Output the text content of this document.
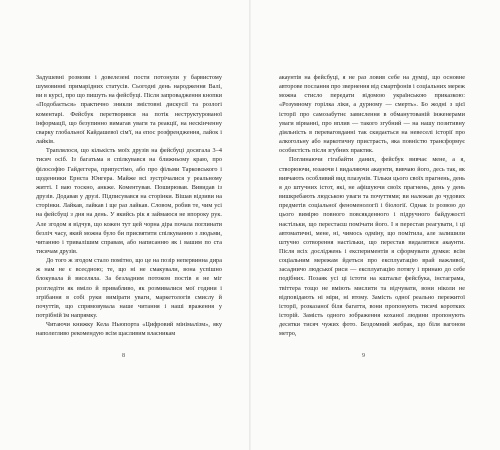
Задушевні розмови і довелезені пости потонули у барвистому шумовинні примарідних статусів. Сьогодні день народження Валі, ви в курсі, про що пишуть на фейсбуці. Після запровадження кнопки «Подобається» практично зникли змістовні дискусії та розлогі коментарі. Фейсбук перетворився на потік неструктурованої інформації, що безупинно вимагав уваги та реакції, на нескінченну сварку глобальної Кайдашевої сім'ї, на епос розфрендження, лайок і лайків.

Траплялося, що кількість моїх друзів на фейсбуці досягала 3–4 тисяч осіб. Із багатьма я спілкувався на ближньому краю, про філософію Гайдеггера, припустімо, або про фільми Тарковського і щоденники Ернста Юнгера. Майже всі зустрічалися у реальному житті. І ваю тоскно, анкже. Коментував. Поширював. Вивидав із друзів. Додавав у друзі. Підписувався на сторінки. Вішав відзиви на сторінки. Лайкав, лайкав і ще раз лайкав. Словом, робив те, чим усі на фейсбуці з дня на день. У якийсь рік я займаюся не впороку рук. Але згодом я відчув, що кожен тут цей чорна діра почала поглинати безліч часу, який можна було би присвятити спілкуванню з людьми, читанню і тривалішим справам, або написанню як і вашим по ста тисячам друзів.

До того ж згодом стало помітно, що це на позір непервинна дира ж нам не є всеєдною; те, що ні не смакували, вона успішно блокувала й виселяла. За безладним потоком постів я не міг розгледіти як вміло й привабливо, як розмивалися мої години і згрібання в собі руки вимірати уваги, маркетологів смислу й почуттів, що спрямовувала наше читання і наші враження у потрібній їм напрямку.

Читаючи книжку Кела Ньюпорта «Цифровий мінімалізм», яку наполегливо рекомендую всім щасливим власникам

8

акаунтів на фейсбуці, я не раз ловив себе на думці, що основне авторове послання про звернення від смартфонів і соціальних мереж можна стисло передати відомою українською приказкою: «Розумному горілка ліки, а дурному — смерть». Бо жодні з цієї історії про самозабутнє завислення в обманутованій інженерами уваги вірванні, про вплив — такого згубний — на нашу позитивну діяльність в переваговданні так скидається на невеселі історії про алкогольну або наркотичну пристрасть, яка повністю трансформує особистість після згубних практик.

Поглинаючи гігабайти даних, фейсбук вивчає мене, а я, створюючи, юзаючи і видаляючи акаунти, вивчаю його, десь так, як вивчають особливий вид плазунів. Тільки цього своїх прагнень, день я до штучних істот, які, не афішуючи своїх прагнень, день у день вишкребають людською уваги та почуттями; ви належав до чудових предметів соціальної феноменології і біології. Однак із розвою до цього вимірю повного повсякденного і підручного байдужості настільки, що перестаєш помічати його. І я перестав реагувати, і ці автоматичні, мене, ні, чимось одміну, що помітила, але залишили штучно сотворення настільки, що перестав видалятися акаунти. Після всіх досліджень і експериментів я сформувати думки: всім соціальним мережам йдеться про експлуатацію врай важливої, засадничо людської риси — експлуатацію потягу і принаю до себе подібних. Позаяк усі ці істоти на кштальт фейсбука, інстаграма, твіттера тощо не вміють мислити та відчувати, вони ніколи не відповідають ні міри, ні втому. Замість одної реально пережитої історії, розказаної біля багаття, вони пропонують тисячі коротких історій. Замість одного зображення коханої людини пропонують десятки тисяч чужих фото. Бездомний жебрак, що біля вагоном метро,

9
